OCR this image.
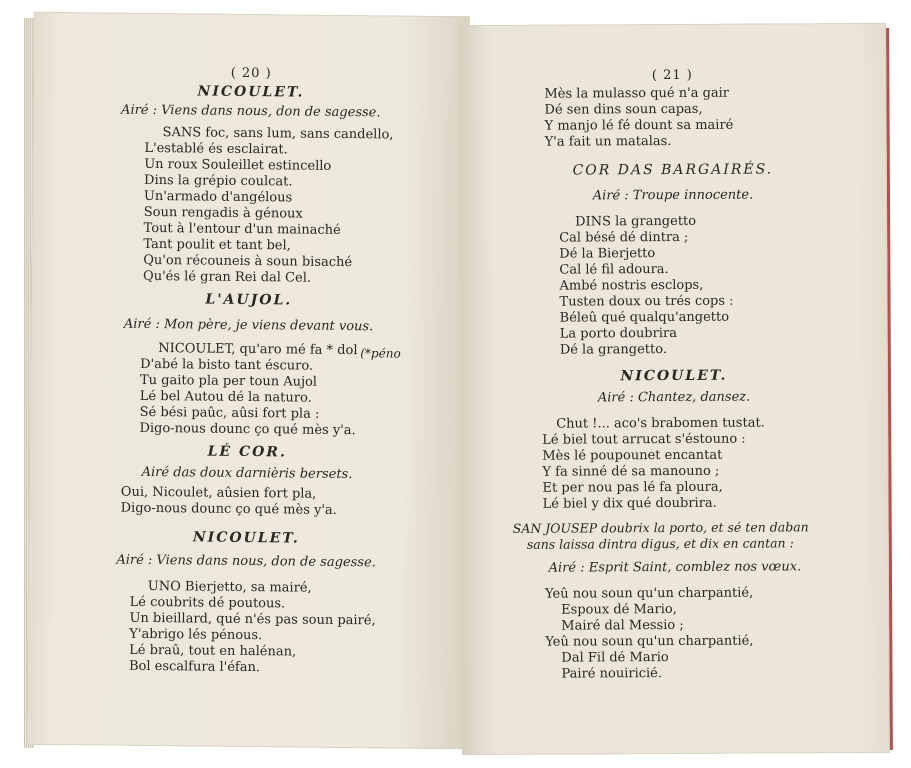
( 20 )
NICOULET.
Airé : Viens dans nous, don de sagesse.
SANS foc, sans lum, sans candello,
L'establé és esclairat.
Un roux Souleillet estincello
Dins la grépio coulcat.
Un'armado d'angélous
Soun rengadis à génoux
Tout à l'entour d'un mainaché
Tant poulit et tant bel,
Qu'on récouneis à soun bisaché
Qu'és lé gran Rei dal Cel.
L'AUJOL.
Airé : Mon père, je viens devant vous.
NICOULET, qu'aro mé fa * dol (*péno
D'abé la bisto tant éscuro.
Tu gaito pla per toun Aujol
Lé bel Autou dé la naturo.
Sé bési paûc, aûsi fort pla :
Digo-nous dounc ço qué mès y'a.
LÉ COR.
Airé das doux darnièris bersets.
Oui, Nicoulet, aûsien fort pla,
Digo-nous dounc ço qué mès y'a.
NICOULET.
Airé : Viens dans nous, don de sagesse.
UNO Bierjetto, sa mairé,
Lé coubrits dé poutous.
Un bieillard, qué n'és pas soun pairé,
Y'abrigo lés pénous.
Lé braû, tout en halénan,
Bol escalfura l'éfan.
( 21 )
Mès la mulasso qué n'a gair
Dé sen dins soun capas,
Y manjo lé fé dount sa mairé
Y'a fait un matalas.
COR DAS BARGAIRÉS.
Airé : Troupe innocente.
DINS la grangetto
Cal bésé dé dintra ;
Dé la Bierjetto
Cal lé fil adoura.
Ambé nostris esclops,
Tusten doux ou trés cops :
Béleû qué qualqu'angetto
La porto doubrira
Dé la grangetto.
NICOULET.
Airé : Chantez, dansez.
Chut !... aco's brabomen tustat.
Lé biel tout arrucat s'éstouno :
Mès lé poupounet encantat
Y fa sinné dé sa manouno ;
Et per nou pas lé fa ploura,
Lé biel y dix qué doubrira.
SAN JOUSEP doubrix la porto, et sé ten daban
sans laissa dintra digus, et dix en cantan :
Airé : Esprit Saint, comblez nos vœux.
Yeû nou soun qu'un charpantié,
Espoux dé Mario,
Mairé dal Messio ;
Yeû nou soun qu'un charpantié,
Dal Fil dé Mario
Pairé nouiricié.
